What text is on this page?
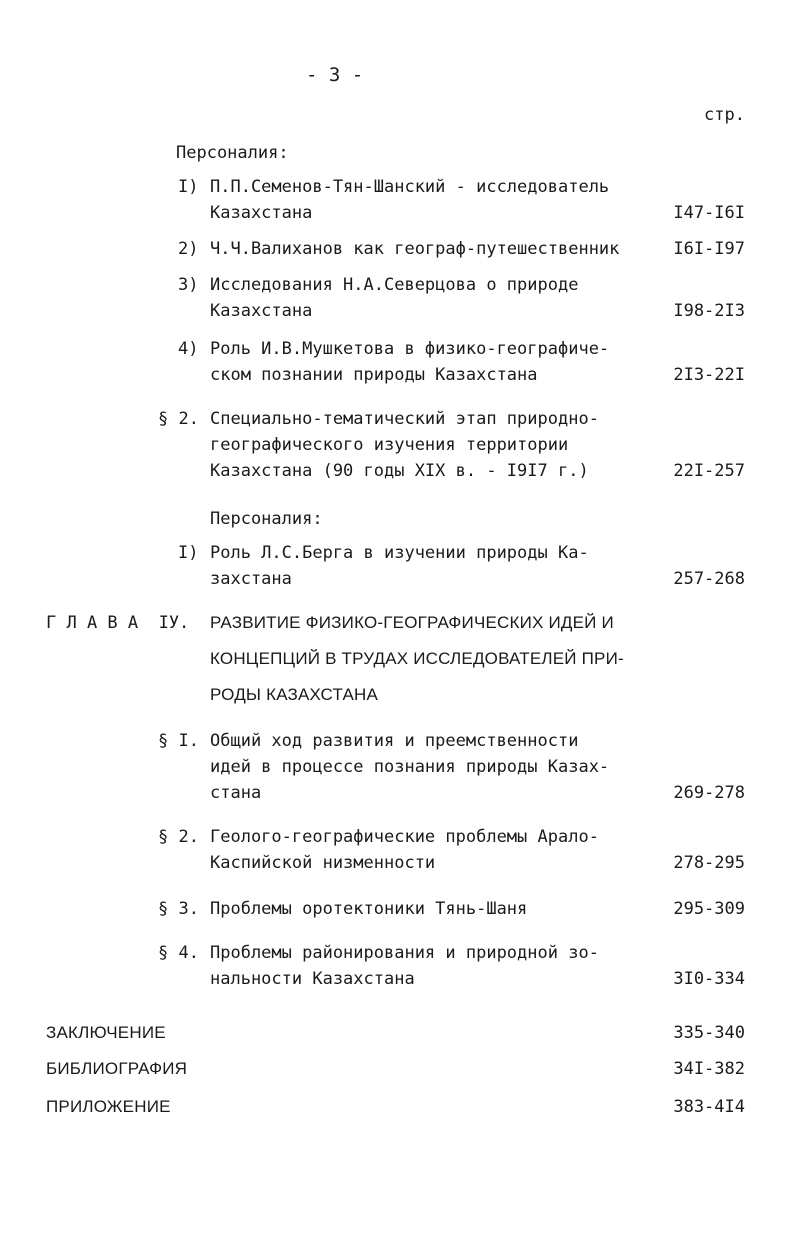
- 3 -
стр.
Персоналия:
I) П.П.Семенов-Тян-Шанский - исследователь
Казахстана	I47-I6I
2) Ч.Ч.Валиханов как географ-путешественник	I6I-I97
3) Исследования Н.А.Северцова о природе
Казахстана	I98-2I3
4) Роль И.В.Мушкетова в физико-географиче-
ском познании природы Казахстана	2I3-22I
§ 2. Специально-тематический этап природно-
географического изучения территории
Казахстана (90 годы XIX в. - I9I7 г.)	22I-257
Персоналия:
I) Роль Л.С.Берга в изучении природы Ка-
захстана	257-268
Г Л А В А  IУ. РАЗВИТИЕ ФИЗИКО-ГЕОГРАФИЧЕСКИХ ИДЕЙ И
КОНЦЕПЦИЙ В ТРУДАХ ИССЛЕДОВАТЕЛЕЙ ПРИ-
РОДЫ КАЗАХСТАНА
§ I. Общий ход развития и преемственности
идей в процессе познания природы Казах-
стана	269-278
§ 2. Геолого-географические проблемы Арало-
Каспийской низменности	278-295
§ 3. Проблемы оротектоники Тянь-Шаня	295-309
§ 4. Проблемы районирования и природной зо-
нальности Казахстана	3I0-334
ЗАКЛЮЧЕНИЕ	335-340
БИБЛИОГРАФИЯ	34I-382
ПРИЛОЖЕНИЕ	383-4I4
